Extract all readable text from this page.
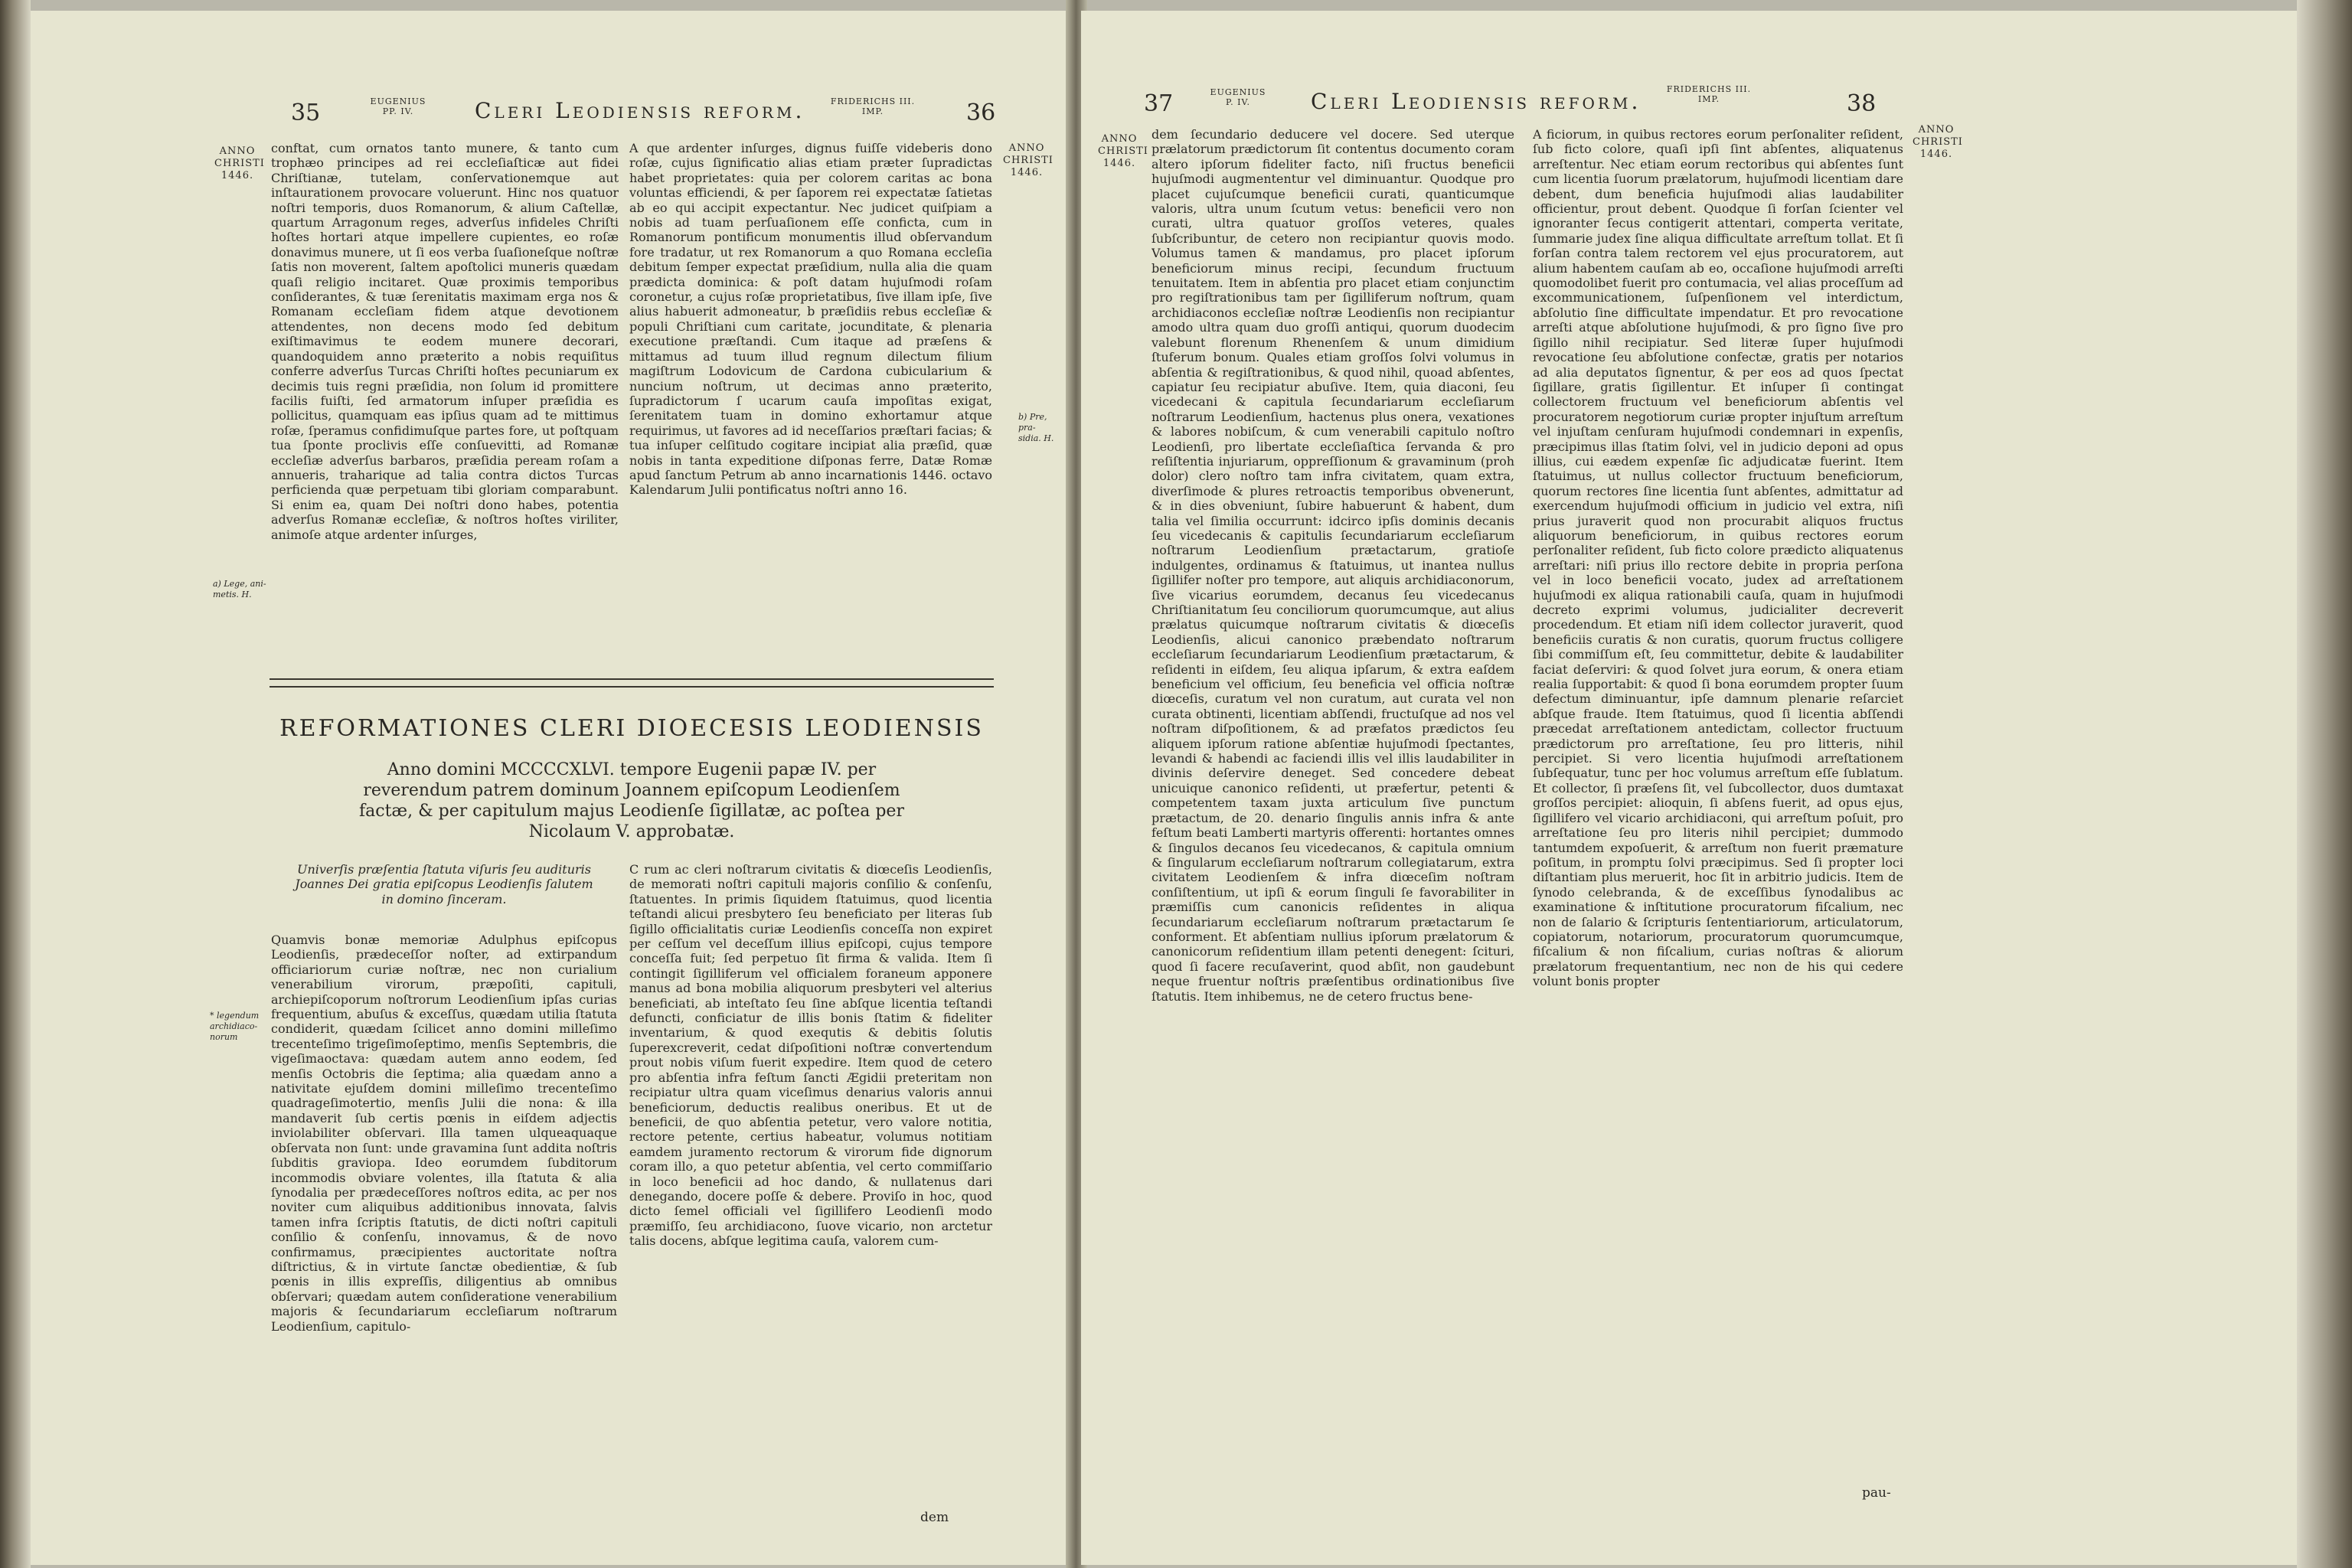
35	EUGENIUS
PP. IV.	Cleri Leodiensis reform.	FRIDERICHS III.
IMP.	36
ANNO
CHRISTI
1446.
ANNO
CHRISTI
1446.
a) Lege, ani-
metis. H.
b) Pre, pra-
sidia. H.
* legendum
archidiaco-
norum

conftat, cum ornatos tanto munere, & tanto cum trophæo principes ad rei eccleſiaſticæ aut fidei Chriſtianæ, tutelam, conſervationemque aut inſtaurationem provocare voluerunt. Hinc nos quatuor noſtri temporis, duos Romanorum, & alium Caſtellæ, quartum Arragonum reges, adverſus infideles Chriſti hoſtes hortari atque impellere cupientes, eo roſæ donavimus munere, ut ſi eos verba ſuaſioneſque noſtræ ſatis non moverent, ſaltem apoſtolici muneris quædam quaſi religio incitaret. Quæ proximis temporibus conſiderantes, & tuæ ſerenitatis maximam erga nos & Romanam eccleſiam fidem atque devotionem attendentes, non decens modo ſed debitum exiſtimavimus te eodem munere decorari, quandoquidem anno præterito a nobis requiſitus conferre adverſus Turcas Chriſti hoſtes pecuniarum ex decimis tuis regni præſidia, non ſolum id promittere facilis fuiſti, ſed armatorum inſuper præſidia es pollicitus, quamquam eas ipſius quam ad te mittimus roſæ, ſperamus confidimuſque partes fore, ut poſtquam tua ſponte proclivis eſſe conſuevitti, ad Romanæ eccleſiæ adverſus barbaros, præſidia peream roſam a annueris, traharique ad talia contra dictos Turcas perficienda quæ perpetuam tibi gloriam comparabunt. Si enim ea, quam Dei noſtri dono habes, potentia adverſus Romanæ eccleſiæ, & noſtros hoſtes viriliter, animoſe atque ardenter inſurges,

A que ardenter inſurges, dignus fuiſſe videberis dono roſæ, cujus ſignificatio alias etiam præter ſupradictas habet proprietates: quia per colorem caritas ac bona voluntas efficiendi, & per ſaporem rei expectatæ ſatietas ab eo qui accipit expectantur. Nec judicet quiſpiam a nobis ad tuam perſuaſionem eſſe conficta, cum in Romanorum pontificum monumentis illud obſervandum fore tradatur, ut rex Romanorum a quo Romana eccleſia debitum ſemper expectat præſidium, nulla alia die quam prædicta dominica: & poſt datam hujuſmodi roſam coronetur, a cujus roſæ proprietatibus, ſive illam ipſe, ſive alius habuerit admoneatur, b præſidiis rebus eccleſiæ & populi Chriſtiani cum caritate, jocunditate, & plenaria executione præſtandi. Cum itaque ad præſens & mittamus ad tuum illud regnum dilectum filium magiſtrum Lodovicum de Cardona cubicularium & nuncium noſtrum, ut decimas anno præterito, ſupradictorum ſ ucarum cauſa impoſitas exigat, ſerenitatem tuam in domino exhortamur atque requirimus, ut favores ad id neceſſarios præſtari facias; & tua inſuper celſitudo cogitare incipiat alia præſid, quæ nobis in tanta expeditione diſponas ferre, Datæ Romæ apud ſanctum Petrum ab anno incarnationis 1446. octavo Kalendarum Julii pontificatus noſtri anno 16.

REFORMATIONES CLERI DIOECESIS LEODIENSIS
Anno domini MCCCCXLVI. tempore Eugenii papæ IV. per reverendum patrem dominum Joannem epiſcopum Leodienſem factæ, & per capitulum majus Leodienſe ſigillatæ, ac poſtea per Nicolaum V. approbatæ.
Univerſis præſentia ſtatuta viſuris ſeu audituris Joannes Dei gratia epiſcopus Leodienſis ſalutem in domino ſinceram.

Quamvis bonæ memoriæ Adulphus epiſcopus Leodienſis, prædeceſſor noſter, ad extirpandum officiariorum curiæ noſtræ, nec non curialium venerabilium virorum, præpoſiti, capituli, archiepiſcoporum noſtrorum Leodienſium ipſas curias frequentium, abuſus & exceſſus, quædam utilia ſtatuta condiderit, quædam ſcilicet anno domini milleſimo trecenteſimo trigeſimoſeptimo, menſis Septembris, die vigeſimaoctava: quædam autem anno eodem, ſed menſis Octobris die ſeptima; alia quædam anno a nativitate ejuſdem domini milleſimo trecenteſimo quadrageſimotertio, menſis Julii die nona: & illa mandaverit ſub certis pœnis in eiſdem adjectis inviolabiliter obſervari. Illa tamen ulqueaquaque obſervata non ſunt: unde gravamina ſunt addita noſtris ſubditis gravioра. Ideo eorumdem ſubditorum incommodis obviare volentes, illa ſtatuta & alia ſynodalia per prædeceſſores noſtros edita, ac per nos noviter cum aliquibus additionibus innovata, ſalvis tamen infra ſcriptis ſtatutis, de dicti noſtri capituli conſilio & conſenſu, innovamus, & de novo confirmamus, præcipientes auctoritate noſtra diſtrictius, & in virtute ſanctæ obedientiæ, & ſub pœnis in illis expreſſis, diligentius ab omnibus obſervari; quædam autem conſiderationе venerabilium majoris & ſecundariarum eccleſiarum noſtrarum Leodienſium, capitulo-

C rum ac cleri noſtrarum civitatis & diœceſis Leodienſis, de memorati noſtri capituli majoris conſilio & conſenſu, ſtatuentes. In primis ſiquidem ſtatuimus, quod licentia teſtandi alicui presbytero ſeu beneficiato per literas ſub ſigillo officialitatis curiæ Leodienſis conceſſa non expiret per ceſſum vel deceſſum illius epiſcopi, cujus tempore conceſſa fuit; ſed perpetuo ſit firma & valida. Item ſi contingit ſigilliferum vel officialem foraneum apponere manus ad bona mobilia aliquorum presbyteri vel alterius beneficiati, ab inteſtato ſeu ſine abſque licentia teſtandi defuncti, conficiatur de illis bonis ſtatim & fideliter inventarium, & quod exequtis & debitis ſolutis ſuperexcreverit, cedat diſpoſitioni noſtræ convertendum prout nobis viſum fuerit expedire. Item quod de cetero pro abſentia infra feſtum ſancti Ægidii preteritam non recipiatur ultra quam viceſimus denarius valoris annui beneficiorum, deductis realibus oneribus. Et ut de beneficii, de quo abſentia petetur, vero valore notitia, rectore petente, certius habeatur, volumus notitiam eamdem juramento rectorum & virorum fide dignorum coram illo, a quo petetur abſentia, vel certo commiſſario in loco beneficii ad hoc dando, & nullatenus dari denegando, docere poſſe & debere. Proviſo in hoc, quod dicto ſemel officiali vel ſigillifero Leodienſi modo præmiſſo, ſeu archidiacono, ſuove vicario, non arctetur talis docens, abſque legitima cauſa, valorem cum-

dem
37	EUGENIUS
P. IV.	Cleri Leodiensis reform.	FRIDERICHS III.
IMP.	38
ANNO
CHRISTI
1446.
ANNO
CHRISTI
1446.

dem ſecundario deducere vel docere. Sed uterque prælatorum prædictorum ſit contentus documento coram altero ipſorum fideliter facto, niſi fructus beneficii hujuſmodi augmententur vel diminuantur. Quodque pro placet cujuſcumque beneficii curati, quanticumque valoris, ultra unum ſcutum vetus: beneficii vero non curati, ultra quatuor groſſos veteres, quales ſubſcribuntur, de cetero non recipiantur quovis modo. Volumus tamen & mandamus, pro placet ipſorum beneficiorum minus recipi, ſecundum fructuum tenuitatem. Item in abſentia pro placet etiam conjunctim pro regiſtrationibus tam per ſigilliferum noſtrum, quam archidiaconos eccleſiæ noſtræ Leodienſis non recipiantur amodo ultra quam duo groſſi antiqui, quorum duodecim valebunt florenum Rhenenſem & unum dimidium ſtuferum bonum. Quales etiam groſſos ſolvi volumus in abſentia & regiſtrationibus, & quod nihil, quoad abſentes, capiatur ſeu recipiatur abuſive. Item, quia diaconi, ſeu vicedecani & capitula ſecundariarum eccleſiarum noſtrarum Leodienſium, hactenus plus onera, vexationes & labores nobiſcum, & cum venerabili capitulo noſtro Leodienſi, pro libertate eccleſiaſtica ſervanda & pro reſiſtentia injuriarum, oppreſſionum & gravaminum (proh dolor) clero noſtro tam infra civitatem, quam extra, diverſimode & plures retroactis temporibus obvenerunt, & in dies obveniunt, ſubire habuerunt & habent, dum talia vel ſimilia occurrunt: idcirco ipſis dominis decanis ſeu vicedecanis & capitulis ſecundariarum eccleſiarum noſtrarum Leodienſium prætactarum, gratioſe indulgentes, ordinamus & ſtatuimus, ut inantea nullus ſigillifer noſter pro tempore, aut aliquis archidiaconorum, ſive vicarius eorumdem, decanus ſeu vicedecanus Chriſtianitatum ſeu conciliorum quorumcumque, aut alius prælatus quicumque noſtrarum civitatis & diœceſis Leodienſis, alicui canonico præbendato noſtrarum eccleſiarum ſecundariarum Leodienſium prætactarum, & reſidenti in eiſdem, ſeu aliqua ipſarum, & extra eaſdem beneficium vel officium, ſeu beneficia vel officia noſtræ diœceſis, curatum vel non curatum, aut curata vel non curata obtinenti, licentiam abſſendi, fructuſque ad nos vel noſtram diſpoſitionem, & ad præfatos prædictos ſeu aliquem ipſorum ratione abſentiæ hujuſmodi ſpectantes, levandi & habendi ac faciendi illis vel illis laudabiliter in divinis deſervire deneget. Sed concedere debeat unicuique canonico reſidenti, ut præfertur, petenti & competentem taxam juxta articulum ſive punctum prætactum, de 20. denario ſingulis annis infra & ante feſtum beati Lamberti martyris offerenti: hortantes omnes & ſingulos decanos ſeu vicedecanos, & capitula omnium & ſingularum eccleſiarum noſtrarum collegiatarum, extra civitatem Leodienſem & infra diœceſim noſtram conſiſtentium, ut ipſi & eorum ſinguli ſe favorabiliter in præmiſſis cum canonicis reſidentes in aliqua ſecundariarum eccleſiarum noſtrarum prætactarum ſe conforment. Et abſentiam nullius ipſorum prælatorum & canonicorum reſidentium illam petenti denegent: ſcituri, quod ſi facere recuſaverint, quod abſit, non gaudebunt neque fruentur noſtris præſentibus ordinationibus ſive ſtatutis. Item inhibemus, ne de cetero fructus bene-

A ficiorum, in quibus rectores eorum perſonaliter reſident, ſub ficto colore, quaſi ipſi ſint abſentes, aliquatenus arreſtentur. Nec etiam eorum rectoribus qui abſentes ſunt cum licentia ſuorum prælatorum, hujuſmodi licentiam dare debent, dum beneficia hujuſmodi alias laudabiliter officientur, prout debent. Quodque ſi forſan ſcienter vel ignoranter ſecus contigerit attentari, comperta veritate, ſummarie judex ſine aliqua difficultate arreſtum tollat. Et ſi forſan contra talem rectorem vel ejus procuratorem, aut alium habentem cauſam ab eo, occaſione hujuſmodi arreſti quomodolibet fuerit pro contumacia, vel alias proceſſum ad excommunicationem, ſuſpenſionem vel interdictum, abſolutio ſine difficultate impendatur. Et pro revocatione arreſti atque abſolutione hujuſmodi, & pro ſigno ſive pro ſigillo nihil recipiatur. Sed literæ ſuper hujuſmodi revocatione ſeu abſolutione confectæ, gratis per notarios ad alia deputatos ſignentur, & per eos ad quos ſpectat ſigillare, gratis ſigillentur. Et inſuper ſi contingat collectorem fructuum vel beneficiorum abſentis vel procuratorem negotiorum curiæ propter injuſtum arreſtum vel injuſtam cenſuram hujuſmodi condemnari in expenſis, præcipimus illas ſtatim ſolvi, vel in judicio deponi ad opus illius, cui eædem expenſæ ſic adjudicatæ fuerint. Item ſtatuimus, ut nullus collector fructuum beneficiorum, quorum rectores ſine licentia ſunt abſentes, admittatur ad exercendum hujuſmodi officium in judicio vel extra, niſi prius juraverit quod non procurabit aliquos fructus aliquorum beneficiorum, in quibus rectores eorum perſonaliter reſident, ſub ficto colore prædicto aliquatenus arreſtari: niſi prius illo rectore debite in propria perſona vel in loco beneficii vocato, judex ad arreſtationem hujuſmodi ex aliqua rationabili cauſa, quam in hujuſmodi decreto exprimi volumus, judicialiter decreverit procedendum. Et etiam niſi idem collector juraverit, quod beneficiis curatis & non curatis, quorum fructus colligere ſibi commiſſum eſt, ſeu committetur, debite & laudabiliter faciat deſerviri: & quod ſolvet jura eorum, & onera etiam realia ſupportabit: & quod ſi bona eorumdem propter ſuum defectum diminuantur, ipſe damnum plenarie reſarciet abſque fraude. Item ſtatuimus, quod ſi licentia abſſendi præcedat arreſtationem antedictam, collector fructuum prædictorum pro arreſtatione, ſeu pro litteris, nihil percipiet. Si vero licentia hujuſmodi arreſtationem ſubſequatur, tunc per hoc volumus arreſtum eſſe ſublatum. Et collector, ſi præſens ſit, vel ſubcollector, duos dumtaxat groſſos percipiet: alioquin, ſi abſens fuerit, ad opus ejus, ſigillifero vel vicario archidiaconi, qui arreſtum poſuit, pro arreſtatione ſeu pro literis nihil percipiet; dummodo tantumdem expoſuerit, & arreſtum non fuerit præmature poſitum, in promptu ſolvi præcipimus. Sed ſi propter loci diſtantiam plus meruerit, hoc ſit in arbitrio judicis. Item de ſynodo celebranda, & de exceſſibus ſynodalibus ac examinatione & inſtitutione procuratorum fiſcalium, nec non de ſalario & ſcripturis ſententiariorum, articulatorum, copiatorum, notariorum, procuratorum quorumcumque, fiſcalium & non fiſcalium, curias noſtras & aliorum prælatorum frequentantium, nec non de his qui cedere volunt bonis propter

pau-
